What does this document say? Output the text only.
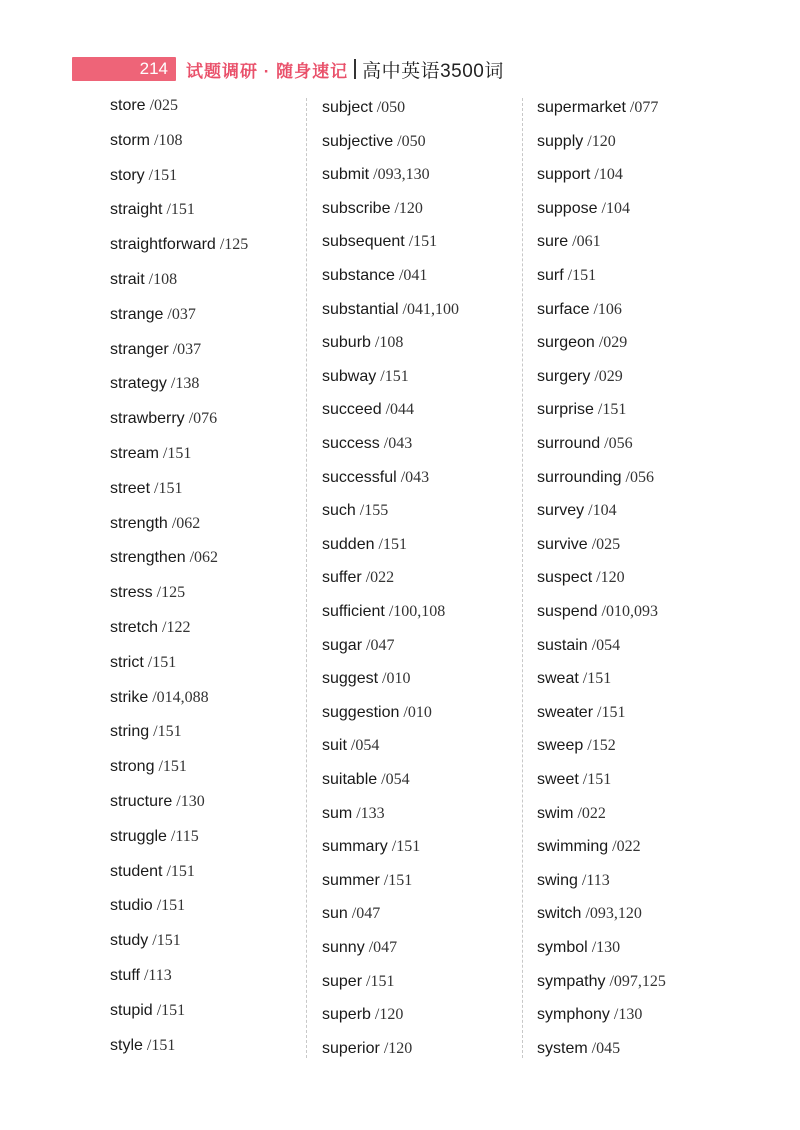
214	试题调研 · 随身速记 高中英语3500词
store /025
storm /108
story /151
straight /151
straightforward /125
strait /108
strange /037
stranger /037
strategy /138
strawberry /076
stream /151
street /151
strength /062
strengthen /062
stress /125
stretch /122
strict /151
strike /014,088
string /151
strong /151
structure /130
struggle /115
student /151
studio /151
study /151
stuff /113
stupid /151
style /151
subject /050
subjective /050
submit /093,130
subscribe /120
subsequent /151
substance /041
substantial /041,100
suburb /108
subway /151
succeed /044
success /043
successful /043
such /155
sudden /151
suffer /022
sufficient /100,108
sugar /047
suggest /010
suggestion /010
suit /054
suitable /054
sum /133
summary /151
summer /151
sun /047
sunny /047
super /151
superb /120
superior /120
supermarket /077
supply /120
support /104
suppose /104
sure /061
surf /151
surface /106
surgeon /029
surgery /029
surprise /151
surround /056
surrounding /056
survey /104
survive /025
suspect /120
suspend /010,093
sustain /054
sweat /151
sweater /151
sweep /152
sweet /151
swim /022
swimming /022
swing /113
switch /093,120
symbol /130
sympathy /097,125
symphony /130
system /045
